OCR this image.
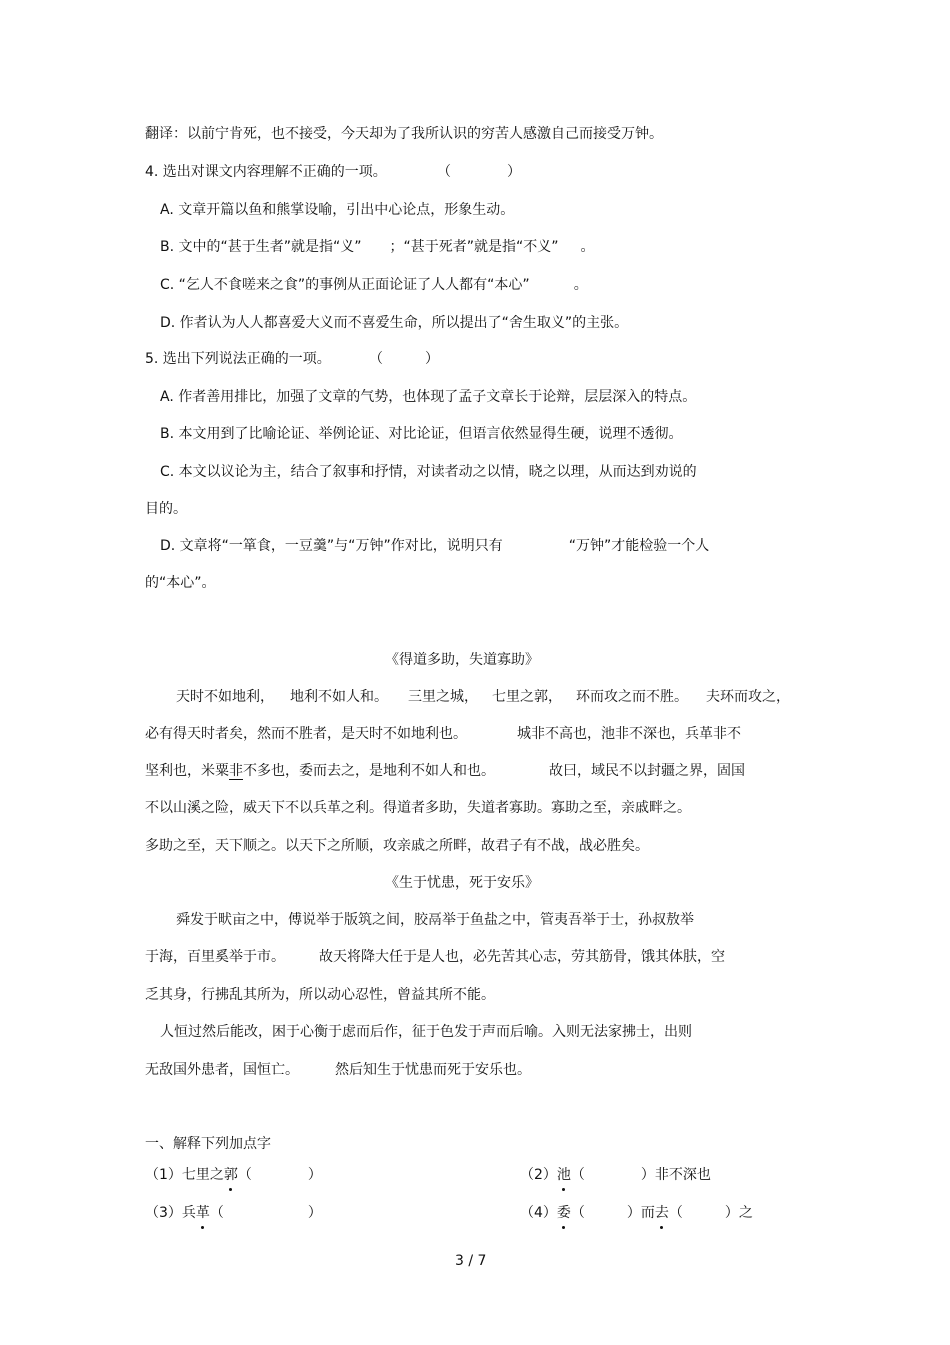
翻译：以前宁肯死，也不接受，今天却为了我所认识的穷苦人感激自己而接受万钟。
4. 选出对课文内容理解不正确的一项。	（　　　　）
A. 文章开篇以鱼和熊掌设喻，引出中心论点，形象生动。
B. 文中的“甚于生者”就是指“义” ；“甚于死者”就是指“不义” 。
C. “乞人不食嗟来之食”的事例从正面论证了人人都有“本心”	。
D. 作者认为人人都喜爱大义而不喜爱生命，所以提出了“舍生取义”的主张。
5. 选出下列说法正确的一项。	（　　　）
A. 作者善用排比，加强了文章的气势，也体现了孟子文章长于论辩，层层深入的特点。
B. 本文用到了比喻论证、举例论证、对比论证，但语言依然显得生硬，说理不透彻。
C. 本文以议论为主，结合了叙事和抒情，对读者动之以情，晓之以理，从而达到劝说的
目的。
D. 文章将“一箪食，一豆羹”与“万钟”作对比，说明只有	“万钟”才能检验一个人
的“本心”。
《得道多助，失道寡助》
天时不如地利， 地利不如人和。 三里之城， 七里之郭， 环而攻之而不胜。 夫环而攻之，
必有得天时者矣，然而不胜者，是天时不如地利也。	城非不高也，池非不深也，兵革非不
坚利也，米粟非不多也，委而去之，是地利不如人和也。	故曰，域民不以封疆之界，固国
不以山溪之险，威天下不以兵革之利。得道者多助，失道者寡助。寡助之至，亲戚畔之。
多助之至，天下顺之。以天下之所顺，攻亲戚之所畔，故君子有不战，战必胜矣。
《生于忧患，死于安乐》
舜发于畎亩之中，傅说举于版筑之间，胶鬲举于鱼盐之中，管夷吾举于士，孙叔敖举
于海，百里奚举于市。 故天将降大任于是人也，必先苦其心志，劳其筋骨，饿其体肤，空
乏其身，行拂乱其所为，所以动心忍性，曾益其所不能。
人恒过然后能改，困于心衡于虑而后作，征于色发于声而后喻。入则无法家拂士，出则
无敌国外患者，国恒亡。	然后知生于忧患而死于安乐也。
一、解释下列加点字
（1）七里之郭（　　　　）	（2）池（　　　　）非不深也
（3）兵革（　　　　　　）	（4）委（　　　）而去（　　　）之
3 / 7
